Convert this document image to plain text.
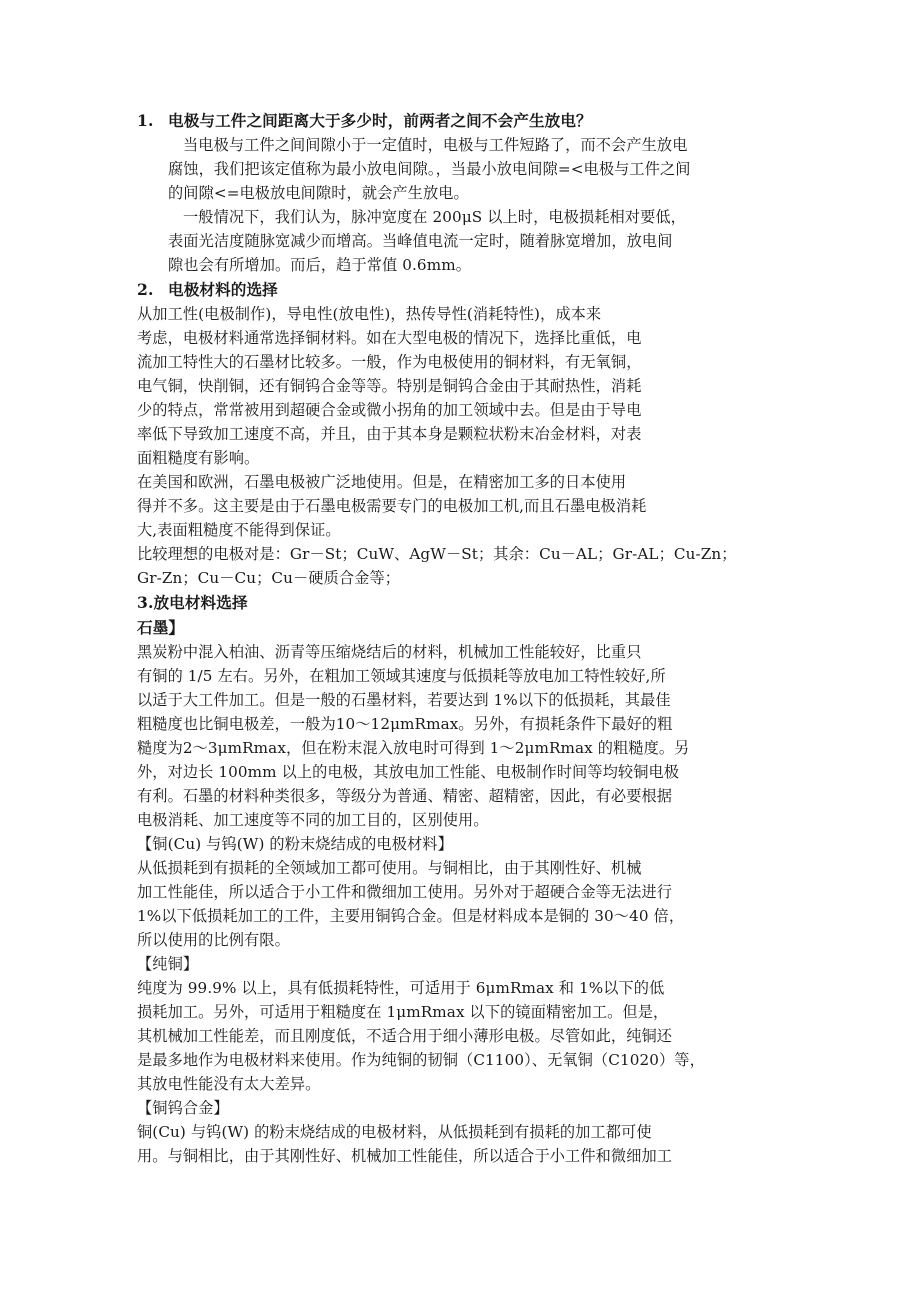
1. 电极与工件之间距离大于多少时，前两者之间不会产生放电？
当电极与工件之间间隙小于一定值时，电极与工件短路了，而不会产生放电
腐蚀，我们把该定值称为最小放电间隙。，当最小放电间隙=<电极与工件之间
的间隙<=电极放电间隙时，就会产生放电。
一般情况下，我们认为，脉冲宽度在 200μS 以上时，电极损耗相对要低，
表面光洁度随脉宽减少而增高。当峰值电流一定时，随着脉宽增加，放电间
隙也会有所增加。而后，趋于常值 0.6mm。
2. 电极材料的选择
从加工性(电极制作)，导电性(放电性)，热传导性(消耗特性)，成本来
考虑，电极材料通常选择铜材料。如在大型电极的情况下，选择比重低，电
流加工特性大的石墨材比较多。一般，作为电极使用的铜材料，有无氧铜，
电气铜，快削铜，还有铜钨合金等等。特别是铜钨合金由于其耐热性，消耗
少的特点，常常被用到超硬合金或微小拐角的加工领域中去。但是由于导电
率低下导致加工速度不高，并且，由于其本身是颗粒状粉末冶金材料，对表
面粗糙度有影响。
在美国和欧洲，石墨电极被广泛地使用。但是，在精密加工多的日本使用
得并不多。这主要是由于石墨电极需要专门的电极加工机,而且石墨电极消耗
大,表面粗糙度不能得到保证。
比较理想的电极对是：Gr－St；CuW、AgW－St；其余：Cu－AL；Gr-AL；Cu-Zn；
Gr-Zn；Cu－Cu；Cu－硬质合金等；
3.放电材料选择
石墨】
黑炭粉中混入柏油、沥青等压缩烧结后的材料，机械加工性能较好，比重只
有铜的 1/5 左右。另外，在粗加工领域其速度与低损耗等放电加工特性较好,所
以适于大工件加工。但是一般的石墨材料，若要达到 1%以下的低损耗，其最佳
粗糙度也比铜电极差，一般为10～12μmRmax。另外，有损耗条件下最好的粗
糙度为2～3μmRmax，但在粉末混入放电时可得到 1～2μmRmax 的粗糙度。另
外，对边长 100mm 以上的电极，其放电加工性能、电极制作时间等均较铜电极
有利。石墨的材料种类很多，等级分为普通、精密、超精密，因此，有必要根据
电极消耗、加工速度等不同的加工目的，区别使用。
【铜(Cu) 与钨(W) 的粉末烧结成的电极材料】
从低损耗到有损耗的全领域加工都可使用。与铜相比，由于其刚性好、机械
加工性能佳，所以适合于小工件和微细加工使用。另外对于超硬合金等无法进行
1%以下低损耗加工的工件，主要用铜钨合金。但是材料成本是铜的 30～40 倍，
所以使用的比例有限。
【纯铜】
纯度为 99.9% 以上，具有低损耗特性，可适用于 6μmRmax 和 1%以下的低
损耗加工。另外，可适用于粗糙度在 1μmRmax 以下的镜面精密加工。但是，
其机械加工性能差，而且刚度低，不适合用于细小薄形电极。尽管如此，纯铜还
是最多地作为电极材料来使用。作为纯铜的韧铜（C1100）、无氧铜（C1020）等，
其放电性能没有太大差异。
【铜钨合金】
铜(Cu) 与钨(W) 的粉末烧结成的电极材料，从低损耗到有损耗的加工都可使
用。与铜相比，由于其刚性好、机械加工性能佳，所以适合于小工件和微细加工
